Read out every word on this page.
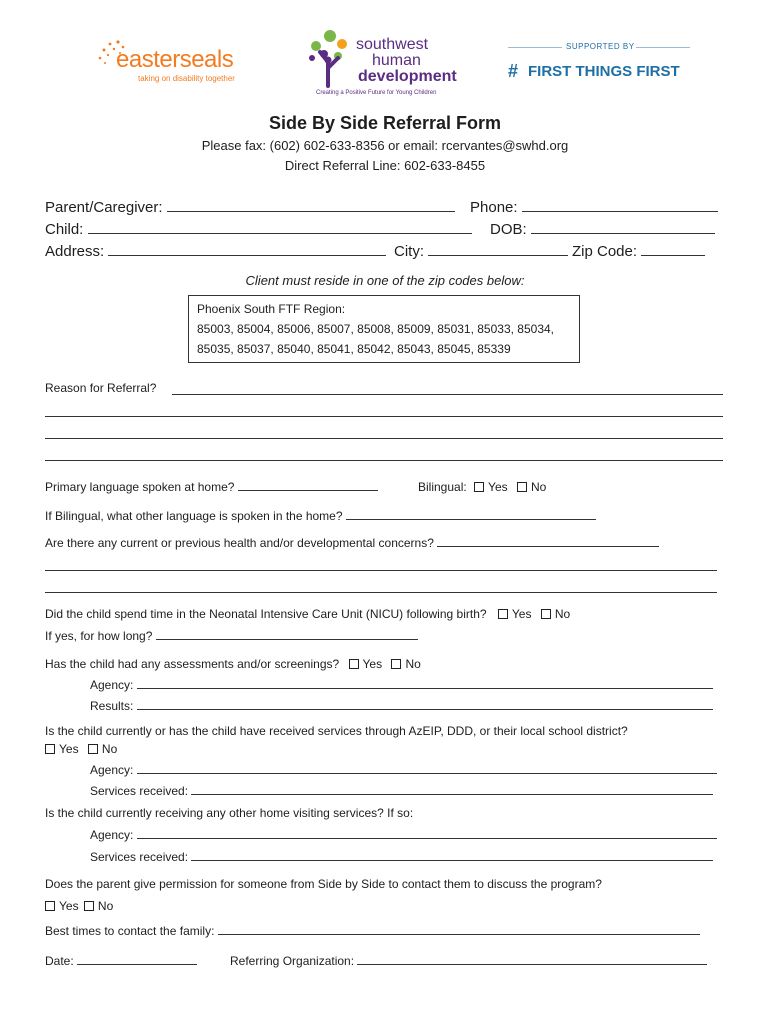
easterseals
taking on disability together
southwest
human
development
Creating a Positive Future for Young Children
SUPPORTED BY
# FIRST THINGS FIRST
Side By Side Referral Form
Please fax: (602) 602-633-8356 or email: rcervantes@swhd.org
Direct Referral Line: 602-633-8455
Parent/Caregiver:	Phone:
Child:	DOB:
Address:	City:	Zip Code:
Client must reside in one of the zip codes below:
Phoenix South FTF Region:
85003, 85004, 85006, 85007, 85008, 85009, 85031, 85033, 85034,
85035, 85037, 85040, 85041, 85042, 85043, 85045, 85339
Reason for Referral?
Primary language spoken at home?	Bilingual: Yes No
If Bilingual, what other language is spoken in the home?
Are there any current or previous health and/or developmental concerns?
Did the child spend time in the Neonatal Intensive Care Unit (NICU) following birth? Yes No
If yes, for how long?
Has the child had any assessments and/or screenings? Yes No
Agency:
Results:
Is the child currently or has the child have received services through AzEIP, DDD, or their local school district?
Yes No
Agency:
Services received:
Is the child currently receiving any other home visiting services? If so:
Agency:
Services received:
Does the parent give permission for someone from Side by Side to contact them to discuss the program?
Yes No
Best times to contact the family:
Date:	Referring Organization:
